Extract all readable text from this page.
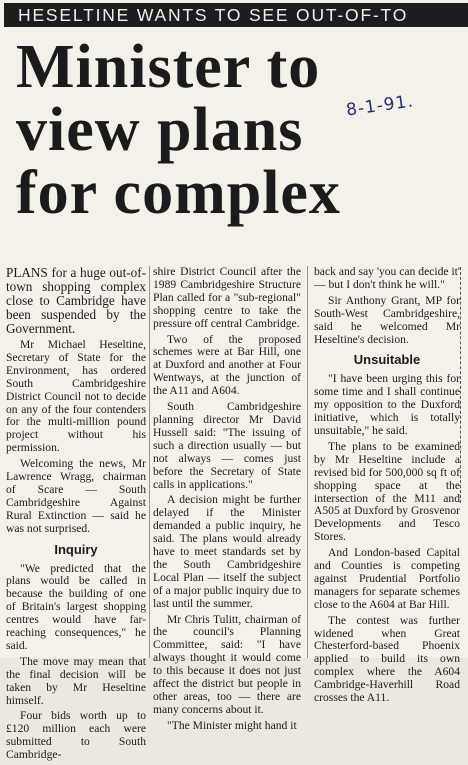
HESELTINE WANTS TO SEE OUT-OF-TO
Minister to
view plans
for complex
8-1-91.

PLANS for a huge out-of-town shopping complex close to Cambridge have been suspended by the Government.

Mr Michael Heseltine, Secretary of State for the Environment, has ordered South Cambridgeshire District Council not to decide on any of the four contenders for the multi-million pound project without his permission.

Welcoming the news, Mr Lawrence Wragg, chairman of Scare — South Cambridgeshire Against Rural Extinction — said he was not surprised.

Inquiry

"We predicted that the plans would be called in because the building of one of Britain's largest shopping centres would have far-reaching consequences," he said.

The move may mean that the final decision will be taken by Mr Heseltine himself.

Four bids worth up to £120 million each were submitted to South Cambridge-

shire District Council after the 1989 Cambridgeshire Structure Plan called for a "sub-regional" shopping centre to take the pressure off central Cambridge.

Two of the proposed schemes were at Bar Hill, one at Duxford and another at Four Wentways, at the junction of the A11 and A604.

South Cambridgeshire planning director Mr David Hussell said: "The issuing of such a direction usually — but not always — comes just before the Secretary of State calls in applications."

A decision might be further delayed if the Minister demanded a public inquiry, he said. The plans would already have to meet standards set by the South Cambridgeshire Local Plan — itself the subject of a major public inquiry due to last until the summer.

Mr Chris Tulitt, chairman of the council's Planning Committee, said: "I have always thought it would come to this because it does not just affect the district but people in other areas, too — there are many concerns about it.

"The Minister might hand it

back and say 'you can decide it' — but I don't think he will."

Sir Anthony Grant, MP for South-West Cambridgeshire, said he welcomed Mr Heseltine's decision.

Unsuitable

"I have been urging this for some time and I shall continue my opposition to the Duxford initiative, which is totally unsuitable," he said.

The plans to be examined by Mr Heseltine include a revised bid for 500,000 sq ft of shopping space at the intersection of the M11 and A505 at Duxford by Grosvenor Developments and Tesco Stores.

And London-based Capital and Counties is competing against Prudential Portfolio managers for separate schemes close to the A604 at Bar Hill.

The contest was further widened when Great Chesterford-based Phoenix applied to build its own complex where the A604 Cambridge-Haverhill Road crosses the A11.
